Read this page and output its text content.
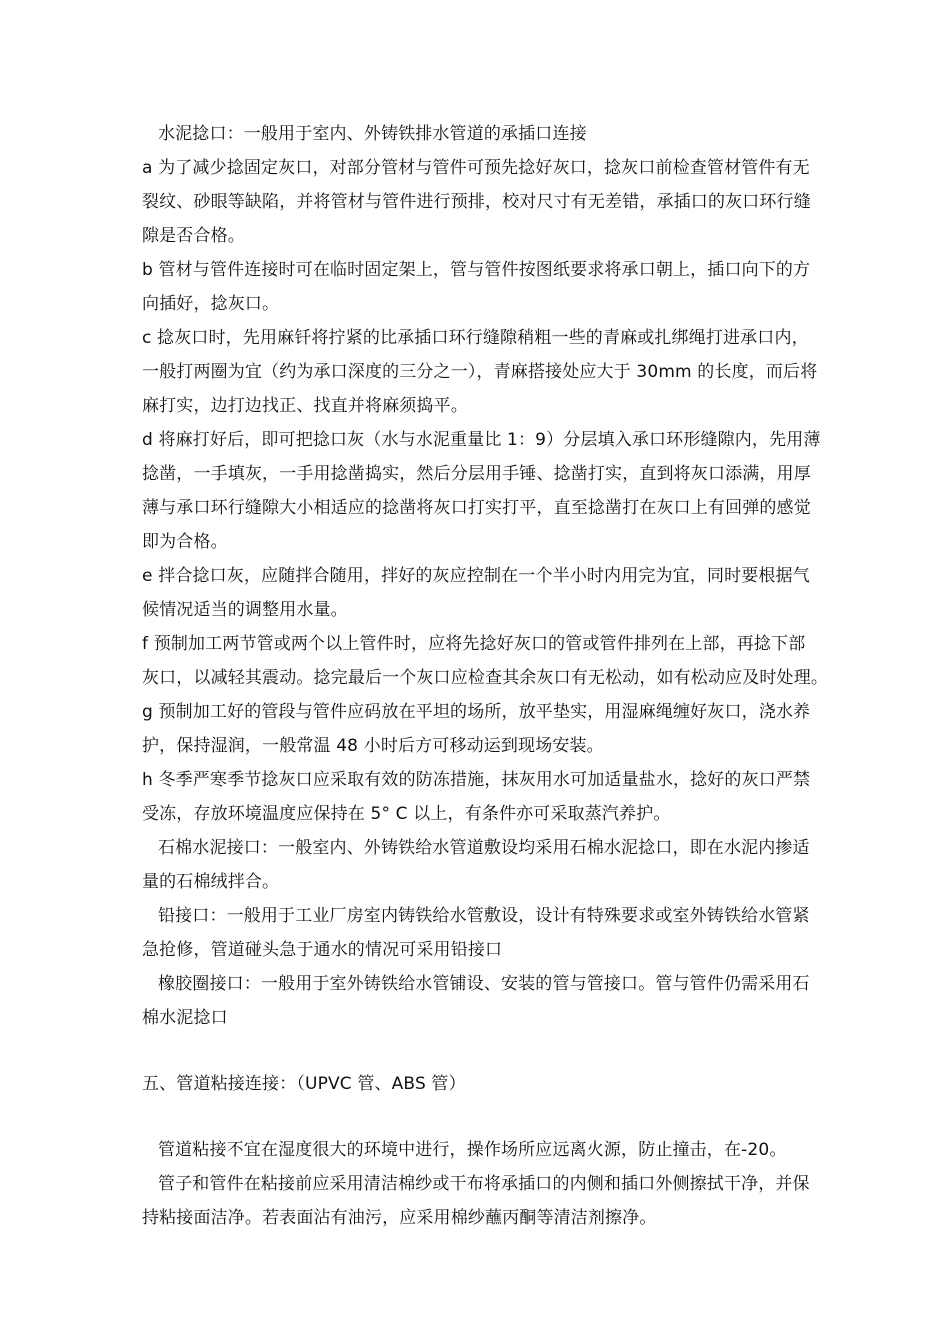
水泥捻口：一般用于室内、外铸铁排水管道的承插口连接
a 为了减少捻固定灰口，对部分管材与管件可预先捻好灰口，捻灰口前检查管材管件有无
裂纹、砂眼等缺陷，并将管材与管件进行预排，校对尺寸有无差错，承插口的灰口环行缝
隙是否合格。
b 管材与管件连接时可在临时固定架上，管与管件按图纸要求将承口朝上，插口向下的方
向插好，捻灰口。
c 捻灰口时，先用麻钎将拧紧的比承插口环行缝隙稍粗一些的青麻或扎绑绳打进承口内，
一般打两圈为宜（约为承口深度的三分之一），青麻搭接处应大于 30mm 的长度，而后将
麻打实，边打边找正、找直并将麻须捣平。
d 将麻打好后，即可把捻口灰（水与水泥重量比 1：9）分层填入承口环形缝隙内，先用薄
捻凿，一手填灰，一手用捻凿捣实，然后分层用手锤、捻凿打实，直到将灰口添满，用厚
薄与承口环行缝隙大小相适应的捻凿将灰口打实打平，直至捻凿打在灰口上有回弹的感觉
即为合格。
e 拌合捻口灰，应随拌合随用，拌好的灰应控制在一个半小时内用完为宜，同时要根据气
候情况适当的调整用水量。
f 预制加工两节管或两个以上管件时，应将先捻好灰口的管或管件排列在上部，再捻下部
灰口，以减轻其震动。捻完最后一个灰口应检查其余灰口有无松动，如有松动应及时处理。
g 预制加工好的管段与管件应码放在平坦的场所，放平垫实，用湿麻绳缠好灰口，浇水养
护，保持湿润，一般常温 48 小时后方可移动运到现场安装。
h 冬季严寒季节捻灰口应采取有效的防冻措施，抹灰用水可加适量盐水，捻好的灰口严禁
受冻，存放环境温度应保持在 5° C 以上，有条件亦可采取蒸汽养护。
石棉水泥接口：一般室内、外铸铁给水管道敷设均采用石棉水泥捻口，即在水泥内掺适
量的石棉绒拌合。
铅接口：一般用于工业厂房室内铸铁给水管敷设，设计有特殊要求或室外铸铁给水管紧
急抢修，管道碰头急于通水的情况可采用铅接口
橡胶圈接口：一般用于室外铸铁给水管铺设、安装的管与管接口。管与管件仍需采用石
棉水泥捻口
五、管道粘接连接：（UPVC 管、ABS 管）
管道粘接不宜在湿度很大的环境中进行，操作场所应远离火源，防止撞击，在-20。
管子和管件在粘接前应采用清洁棉纱或干布将承插口的内侧和插口外侧擦拭干净，并保
持粘接面洁净。若表面沾有油污，应采用棉纱蘸丙酮等清洁剂擦净。
